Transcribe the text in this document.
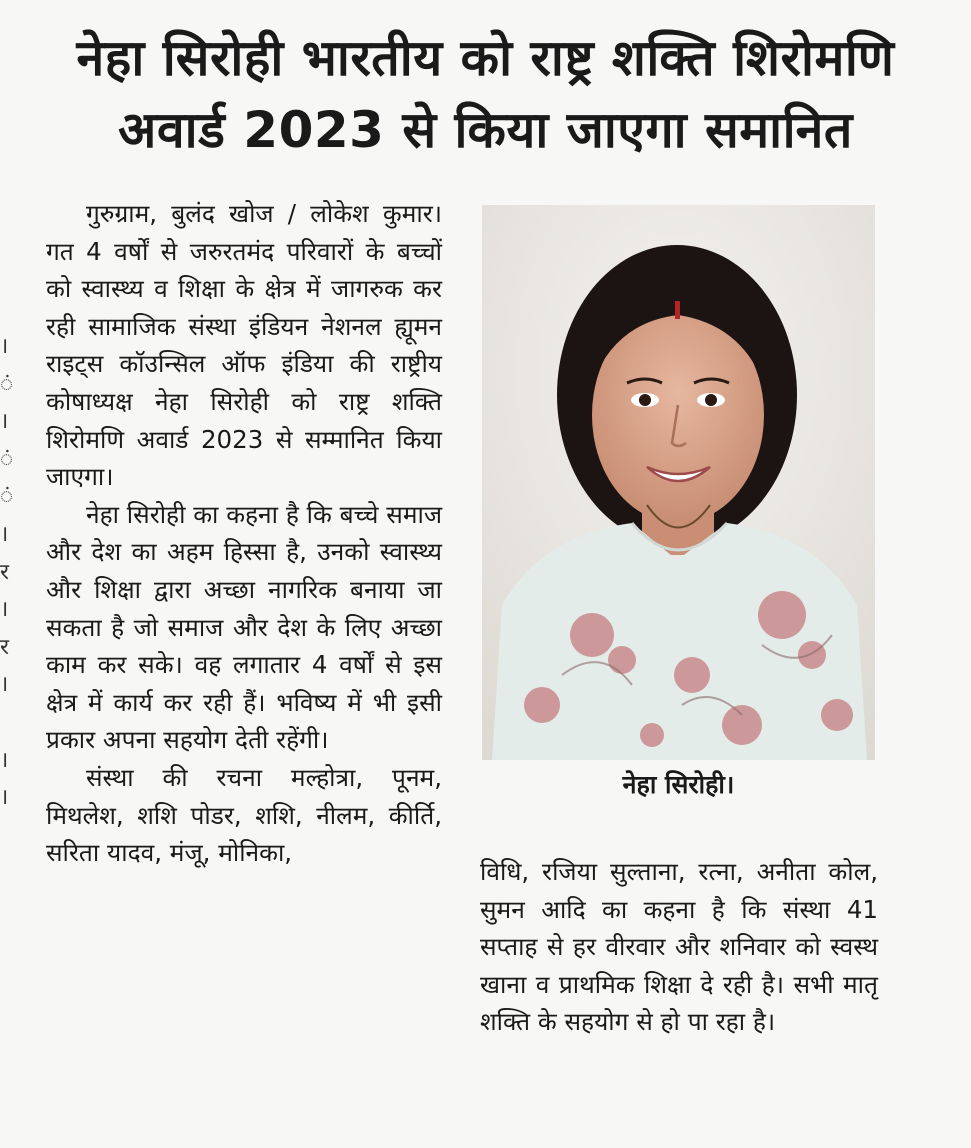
नेहा सिरोही भारतीय को राष्ट्र शक्ति शिरोमणि
अवार्ड 2023 से किया जाएगा समानित
।
ं
।
ं
ं
।
र
।
र
।
।
।

गुरुग्राम, बुलंद खोज / लोकेश कुमार। गत 4 वर्षों से जरुरतमंद परिवारों के बच्चों को स्वास्थ्य व शिक्षा के क्षेत्र में जागरुक कर रही सामाजिक संस्था इंडियन नेशनल ह्यूमन राइट्स कॉउन्सिल ऑफ इंडिया की राष्ट्रीय कोषाध्यक्ष नेहा सिरोही को राष्ट्र शक्ति शिरोमणि अवार्ड 2023 से सम्मानित किया जाएगा।

नेहा सिरोही का कहना है कि बच्चे समाज और देश का अहम हिस्सा है, उनको स्वास्थ्य और शिक्षा द्वारा अच्छा नागरिक बनाया जा सकता है जो समाज और देश के लिए अच्छा काम कर सके। वह लगातार 4 वर्षों से इस क्षेत्र में कार्य कर रही हैं। भविष्य में भी इसी प्रकार अपना सहयोग देती रहेंगी।

संस्था की रचना मल्होत्रा, पूनम, मिथलेश, शशि पोडर, शशि, नीलम, कीर्ति, सरिता यादव, मंजू, मोनिका,

नेहा सिरोही।

विधि, रजिया सुल्ताना, रत्ना, अनीता कोल, सुमन आदि का कहना है कि संस्था 41 सप्ताह से हर वीरवार और शनिवार को स्वस्थ खाना व प्राथमिक शिक्षा दे रही है। सभी मातृ शक्ति के सहयोग से हो पा रहा है।
